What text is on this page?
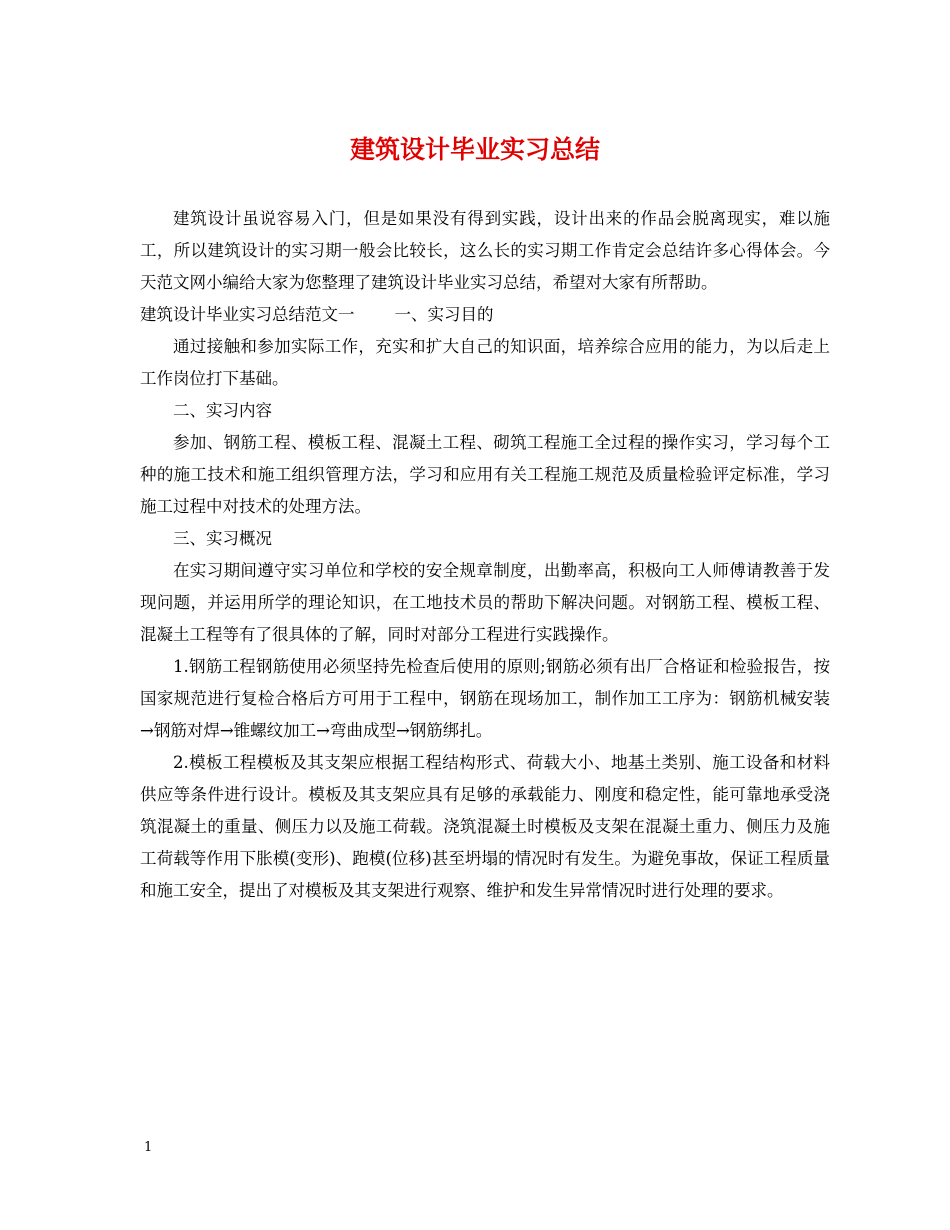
建筑设计毕业实习总结

建筑设计虽说容易入门，但是如果没有得到实践，设计出来的作品会脱离现实，难以施工，所以建筑设计的实习期一般会比较长，这么长的实习期工作肯定会总结许多心得体会。今天范文网小编给大家为您整理了建筑设计毕业实习总结，希望对大家有所帮助。

建筑设计毕业实习总结范文一 一、实习目的

通过接触和参加实际工作，充实和扩大自己的知识面，培养综合应用的能力，为以后走上工作岗位打下基础。

二、实习内容

参加、钢筋工程、模板工程、混凝土工程、砌筑工程施工全过程的操作实习，学习每个工种的施工技术和施工组织管理方法，学习和应用有关工程施工规范及质量检验评定标准，学习施工过程中对技术的处理方法。

三、实习概况

在实习期间遵守实习单位和学校的安全规章制度，出勤率高，积极向工人师傅请教善于发现问题，并运用所学的理论知识，在工地技术员的帮助下解决问题。对钢筋工程、模板工程、混凝土工程等有了很具体的了解，同时对部分工程进行实践操作。

1.钢筋工程钢筋使用必须坚持先检查后使用的原则;钢筋必须有出厂合格证和检验报告，按国家规范进行复检合格后方可用于工程中，钢筋在现场加工，制作加工工序为：钢筋机械安装→钢筋对焊→锥螺纹加工→弯曲成型→钢筋绑扎。

2.模板工程模板及其支架应根据工程结构形式、荷载大小、地基土类别、施工设备和材料供应等条件进行设计。模板及其支架应具有足够的承载能力、刚度和稳定性，能可靠地承受浇筑混凝土的重量、侧压力以及施工荷载。浇筑混凝土时模板及支架在混凝土重力、侧压力及施工荷载等作用下胀模(变形)、跑模(位移)甚至坍塌的情况时有发生。为避免事故，保证工程质量和施工安全，提出了对模板及其支架进行观察、维护和发生异常情况时进行处理的要求。

1
